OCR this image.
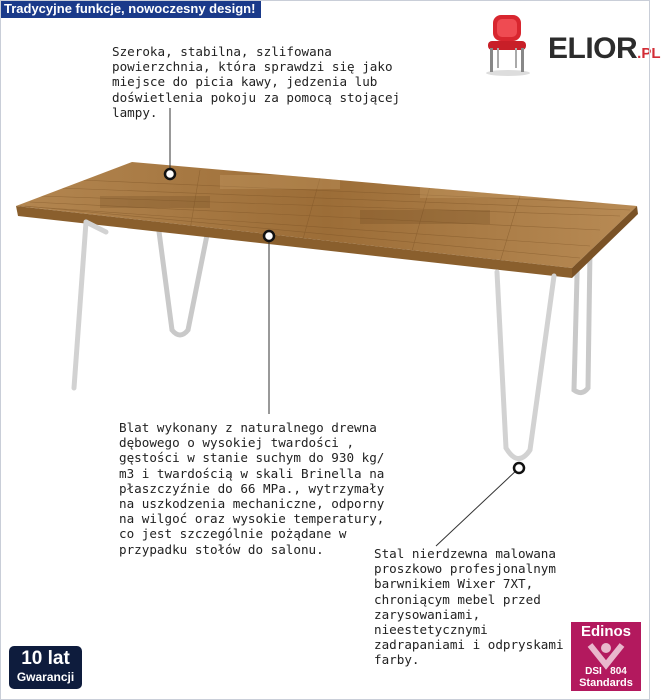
Tradycyjne funkcje, nowoczesny design!
ELIOR.PL
Szeroka, stabilna, szlifowana
powierzchnia, która sprawdzi się jako
miejsce do picia kawy, jedzenia lub
doświetlenia pokoju za pomocą stojącej
lampy.
Blat wykonany z naturalnego drewna
dębowego o wysokiej twardości ,
gęstości w stanie suchym do 930 kg/
m3 i twardością w skali Brinella na
płaszczyźnie do 66 MPa., wytrzymały
na uszkodzenia mechaniczne, odporny
na wilgoć oraz wysokie temperatury,
co jest szczególnie pożądane w
przypadku stołów do salonu.	Stal nierdzewna malowana
proszkowo profesjonalnym
barwnikiem Wixer 7XT,
chroniącym mebel przed
zarysowaniami,
nieestetycznymi
zadrapaniami i odpryskami
farby.
10 lat
Gwarancji
Edinos
DSI 804
Standards
